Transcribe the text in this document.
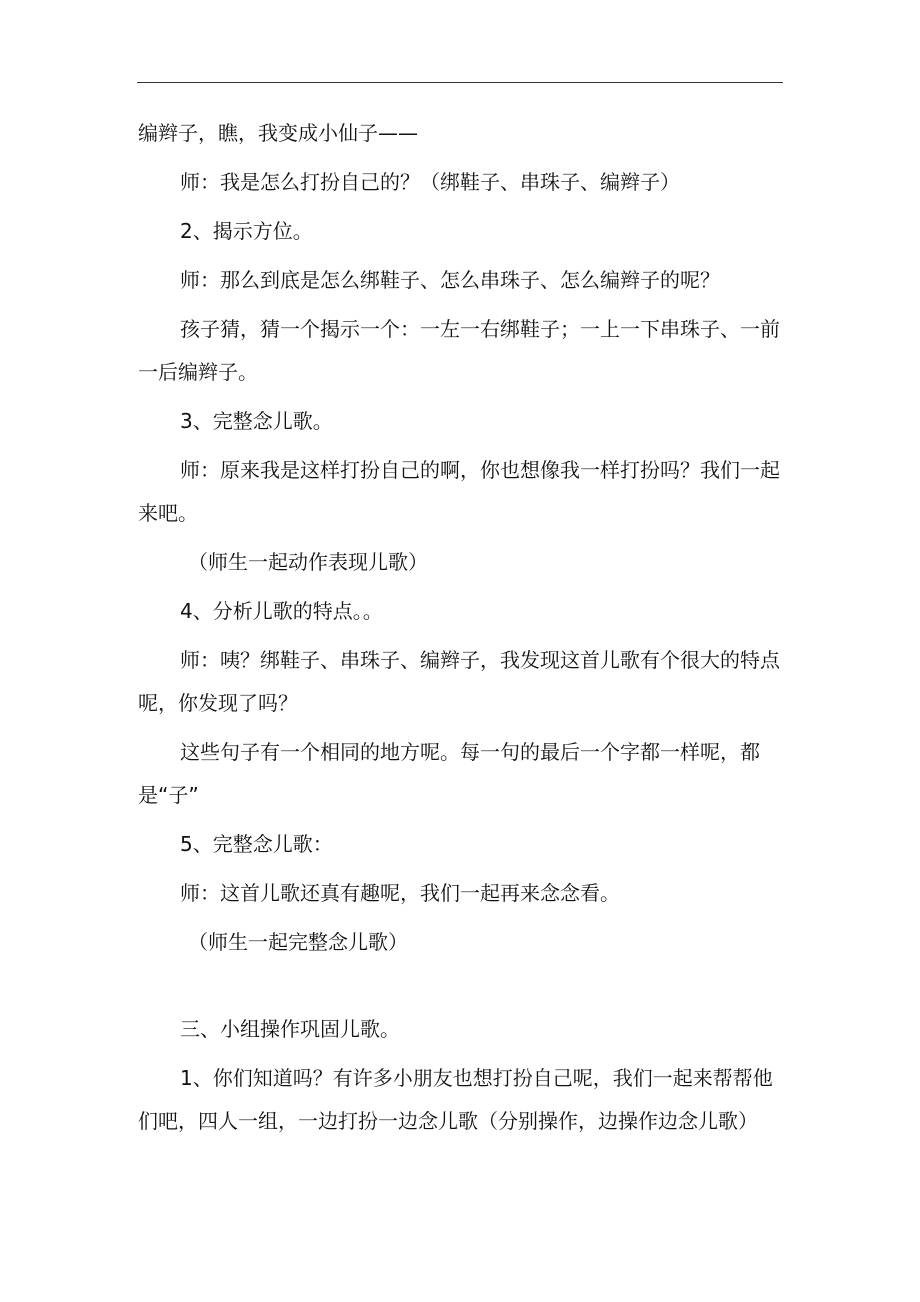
编辫子，瞧，我变成小仙子——

师：我是怎么打扮自己的？（绑鞋子、串珠子、编辫子）

2、揭示方位。

师：那么到底是怎么绑鞋子、怎么串珠子、怎么编辫子的呢？

孩子猜，猜一个揭示一个：一左一右绑鞋子；一上一下串珠子、一前一后编辫子。

3、完整念儿歌。

师：原来我是这样打扮自己的啊，你也想像我一样打扮吗？我们一起来吧。

（师生一起动作表现儿歌）

4、分析儿歌的特点。。

师：咦？绑鞋子、串珠子、编辫子，我发现这首儿歌有个很大的特点呢，你发现了吗？

这些句子有一个相同的地方呢。每一句的最后一个字都一样呢，都是“子”

5、完整念儿歌：

师：这首儿歌还真有趣呢，我们一起再来念念看。

（师生一起完整念儿歌）

三、小组操作巩固儿歌。

1、你们知道吗？有许多小朋友也想打扮自己呢，我们一起来帮帮他们吧，四人一组，一边打扮一边念儿歌（分别操作，边操作边念儿歌）
